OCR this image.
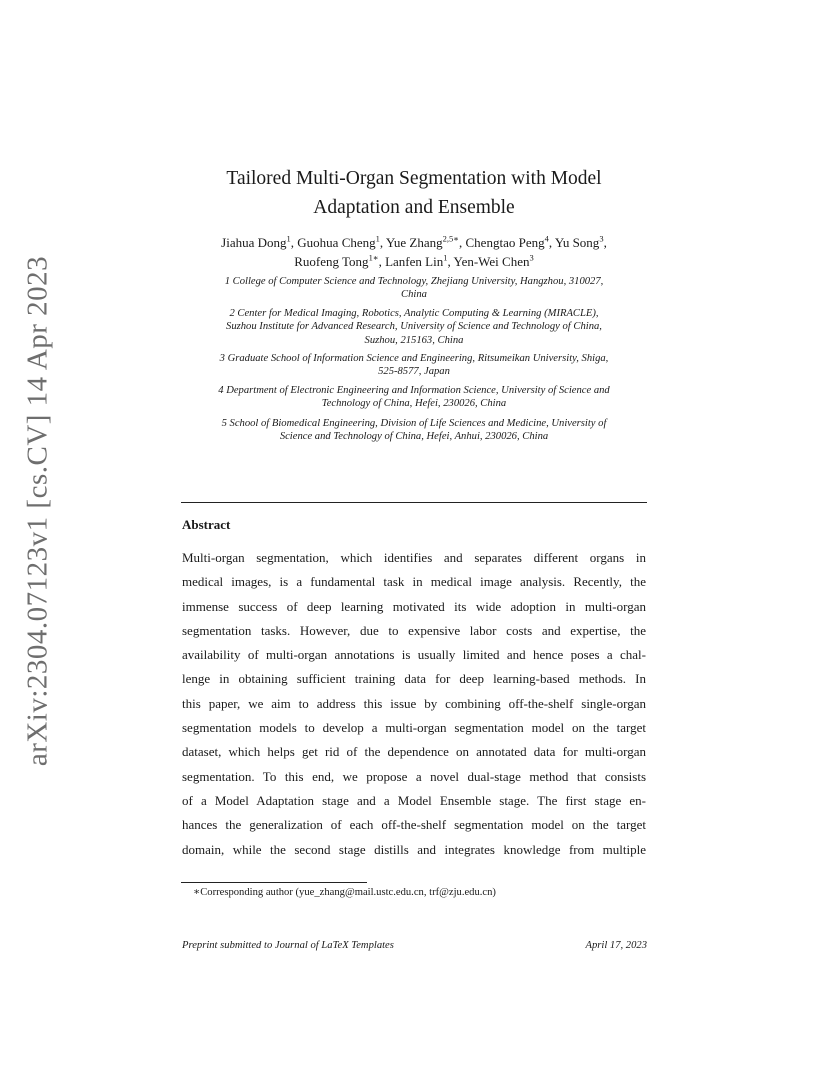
arXiv:2304.07123v1 [cs.CV] 14 Apr 2023
Tailored Multi-Organ Segmentation with Model
Adaptation and Ensemble
Jiahua Dong$^1$, Guohua Cheng$^1$, Yue Zhang$^{2,5∗}$, Chengtao Peng$^4$, Yu Song$^3$,
Ruofeng Tong$^{1∗}$, Lanfen Lin$^1$, Yen-Wei Chen$^3$
1 College of Computer Science and Technology, Zhejiang University, Hangzhou, 310027,
China
2 Center for Medical Imaging, Robotics, Analytic Computing & Learning (MIRACLE),
Suzhou Institute for Advanced Research, University of Science and Technology of China,
Suzhou, 215163, China
3 Graduate School of Information Science and Engineering, Ritsumeikan University, Shiga,
525-8577, Japan
4 Department of Electronic Engineering and Information Science, University of Science and
Technology of China, Hefei, 230026, China
5 School of Biomedical Engineering, Division of Life Sciences and Medicine, University of
Science and Technology of China, Hefei, Anhui, 230026, China
Abstract
Multi-organ segmentation, which identifies and separates different organs in
medical images, is a fundamental task in medical image analysis. Recently, the
immense success of deep learning motivated its wide adoption in multi-organ
segmentation tasks. However, due to expensive labor costs and expertise, the
availability of multi-organ annotations is usually limited and hence poses a chal-
lenge in obtaining sufficient training data for deep learning-based methods. In
this paper, we aim to address this issue by combining off-the-shelf single-organ
segmentation models to develop a multi-organ segmentation model on the target
dataset, which helps get rid of the dependence on annotated data for multi-organ
segmentation. To this end, we propose a novel dual-stage method that consists
of a Model Adaptation stage and a Model Ensemble stage. The first stage en-
hances the generalization of each off-the-shelf segmentation model on the target
domain, while the second stage distills and integrates knowledge from multiple
∗Corresponding author (yue_zhang@mail.ustc.edu.cn, trf@zju.edu.cn)
Preprint submitted to Journal of LaTeX Templates	April 17, 2023
